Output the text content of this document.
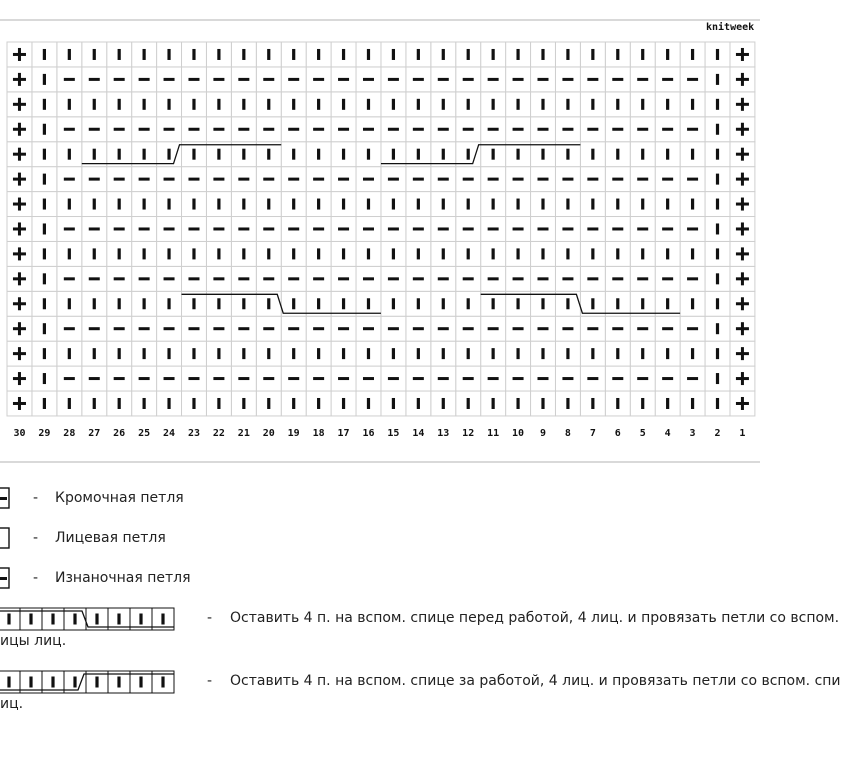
knitweek
30 29 28 27 26 25 24 23 22 21 20 19 18 17 16 15 14 13 12 11 10 9 8 7 6 5 4 3 2 1
- Кромочная петля
- Лицевая петля
- Изнаночная петля
- Оставить 4 п. на вспом. спице перед работой, 4 лиц. и провязать петли со вспом.
ицы лиц.
- Оставить 4 п. на вспом. спице за работой, 4 лиц. и провязать петли со вспом. спи
иц.
